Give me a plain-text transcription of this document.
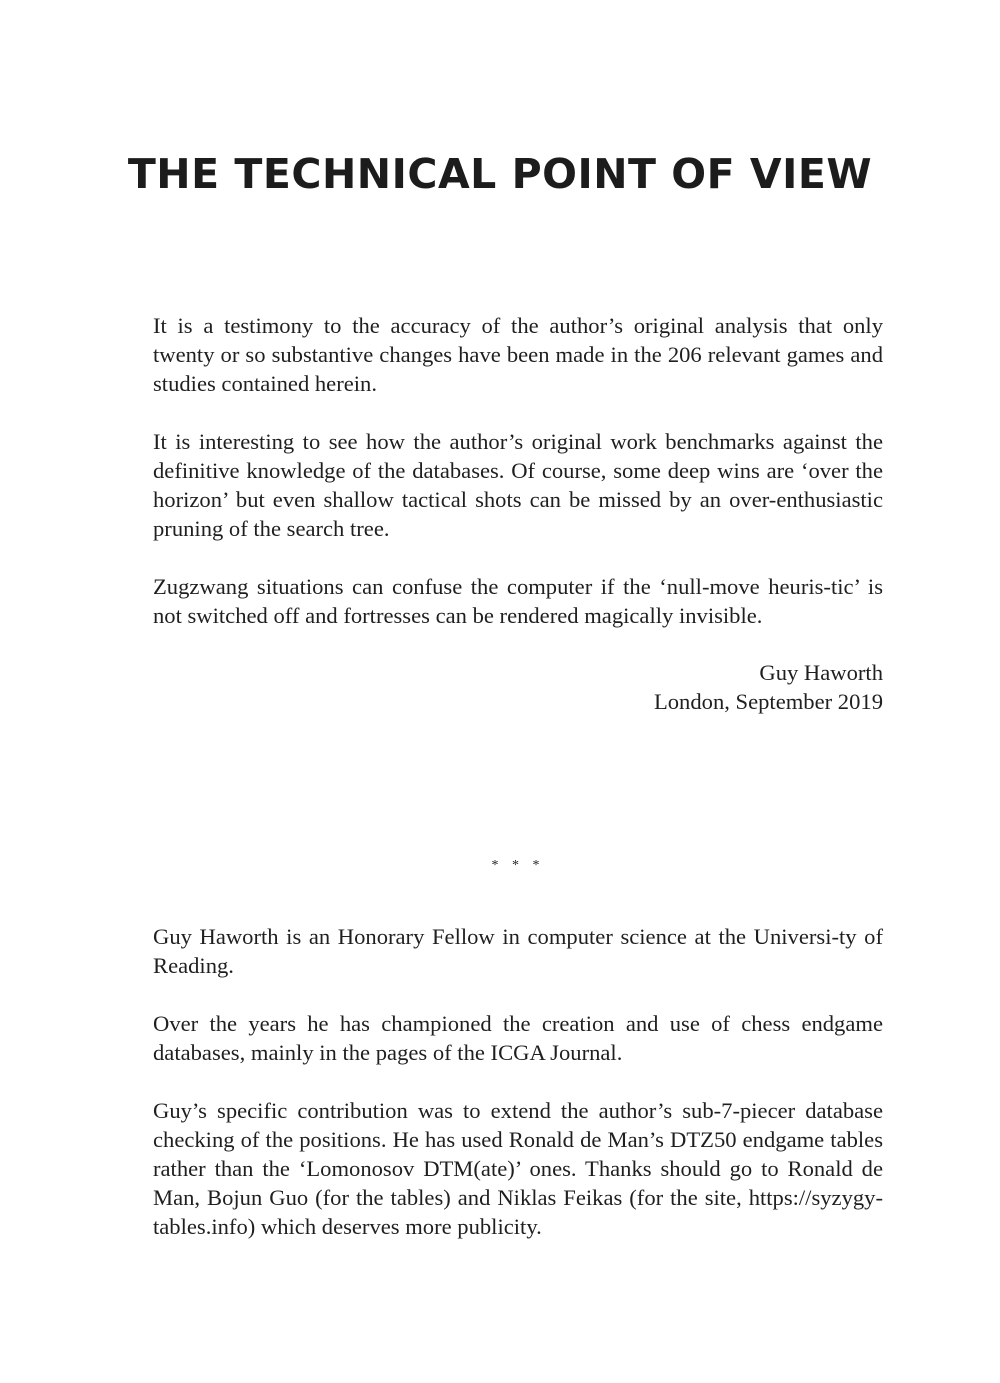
THE TECHNICAL POINT OF VIEW

It is a testimony to the accuracy of the author’s original analysis that only twenty or so substantive changes have been made in the 206 relevant games and studies contained herein.

It is interesting to see how the author’s original work benchmarks against the definitive knowledge of the databases. Of course, some deep wins are ‘over the horizon’ but even shallow tactical shots can be missed by an over-enthusiastic pruning of the search tree.

Zugzwang situations can confuse the computer if the ‘null-move heuris-tic’ is not switched off and fortresses can be rendered magically invisible.

Guy Haworth
London, September 2019
* * *

Guy Haworth is an Honorary Fellow in computer science at the Universi-ty of Reading.

Over the years he has championed the creation and use of chess endgame databases, mainly in the pages of the ICGA Journal.

Guy’s specific contribution was to extend the author’s sub-7-piecer database checking of the positions. He has used Ronald de Man’s DTZ50 endgame tables rather than the ‘Lomonosov DTM(ate)’ ones. Thanks should go to Ronald de Man, Bojun Guo (for the tables) and Niklas Feikas (for the site, https://syzygy-tables.info) which deserves more publicity.
